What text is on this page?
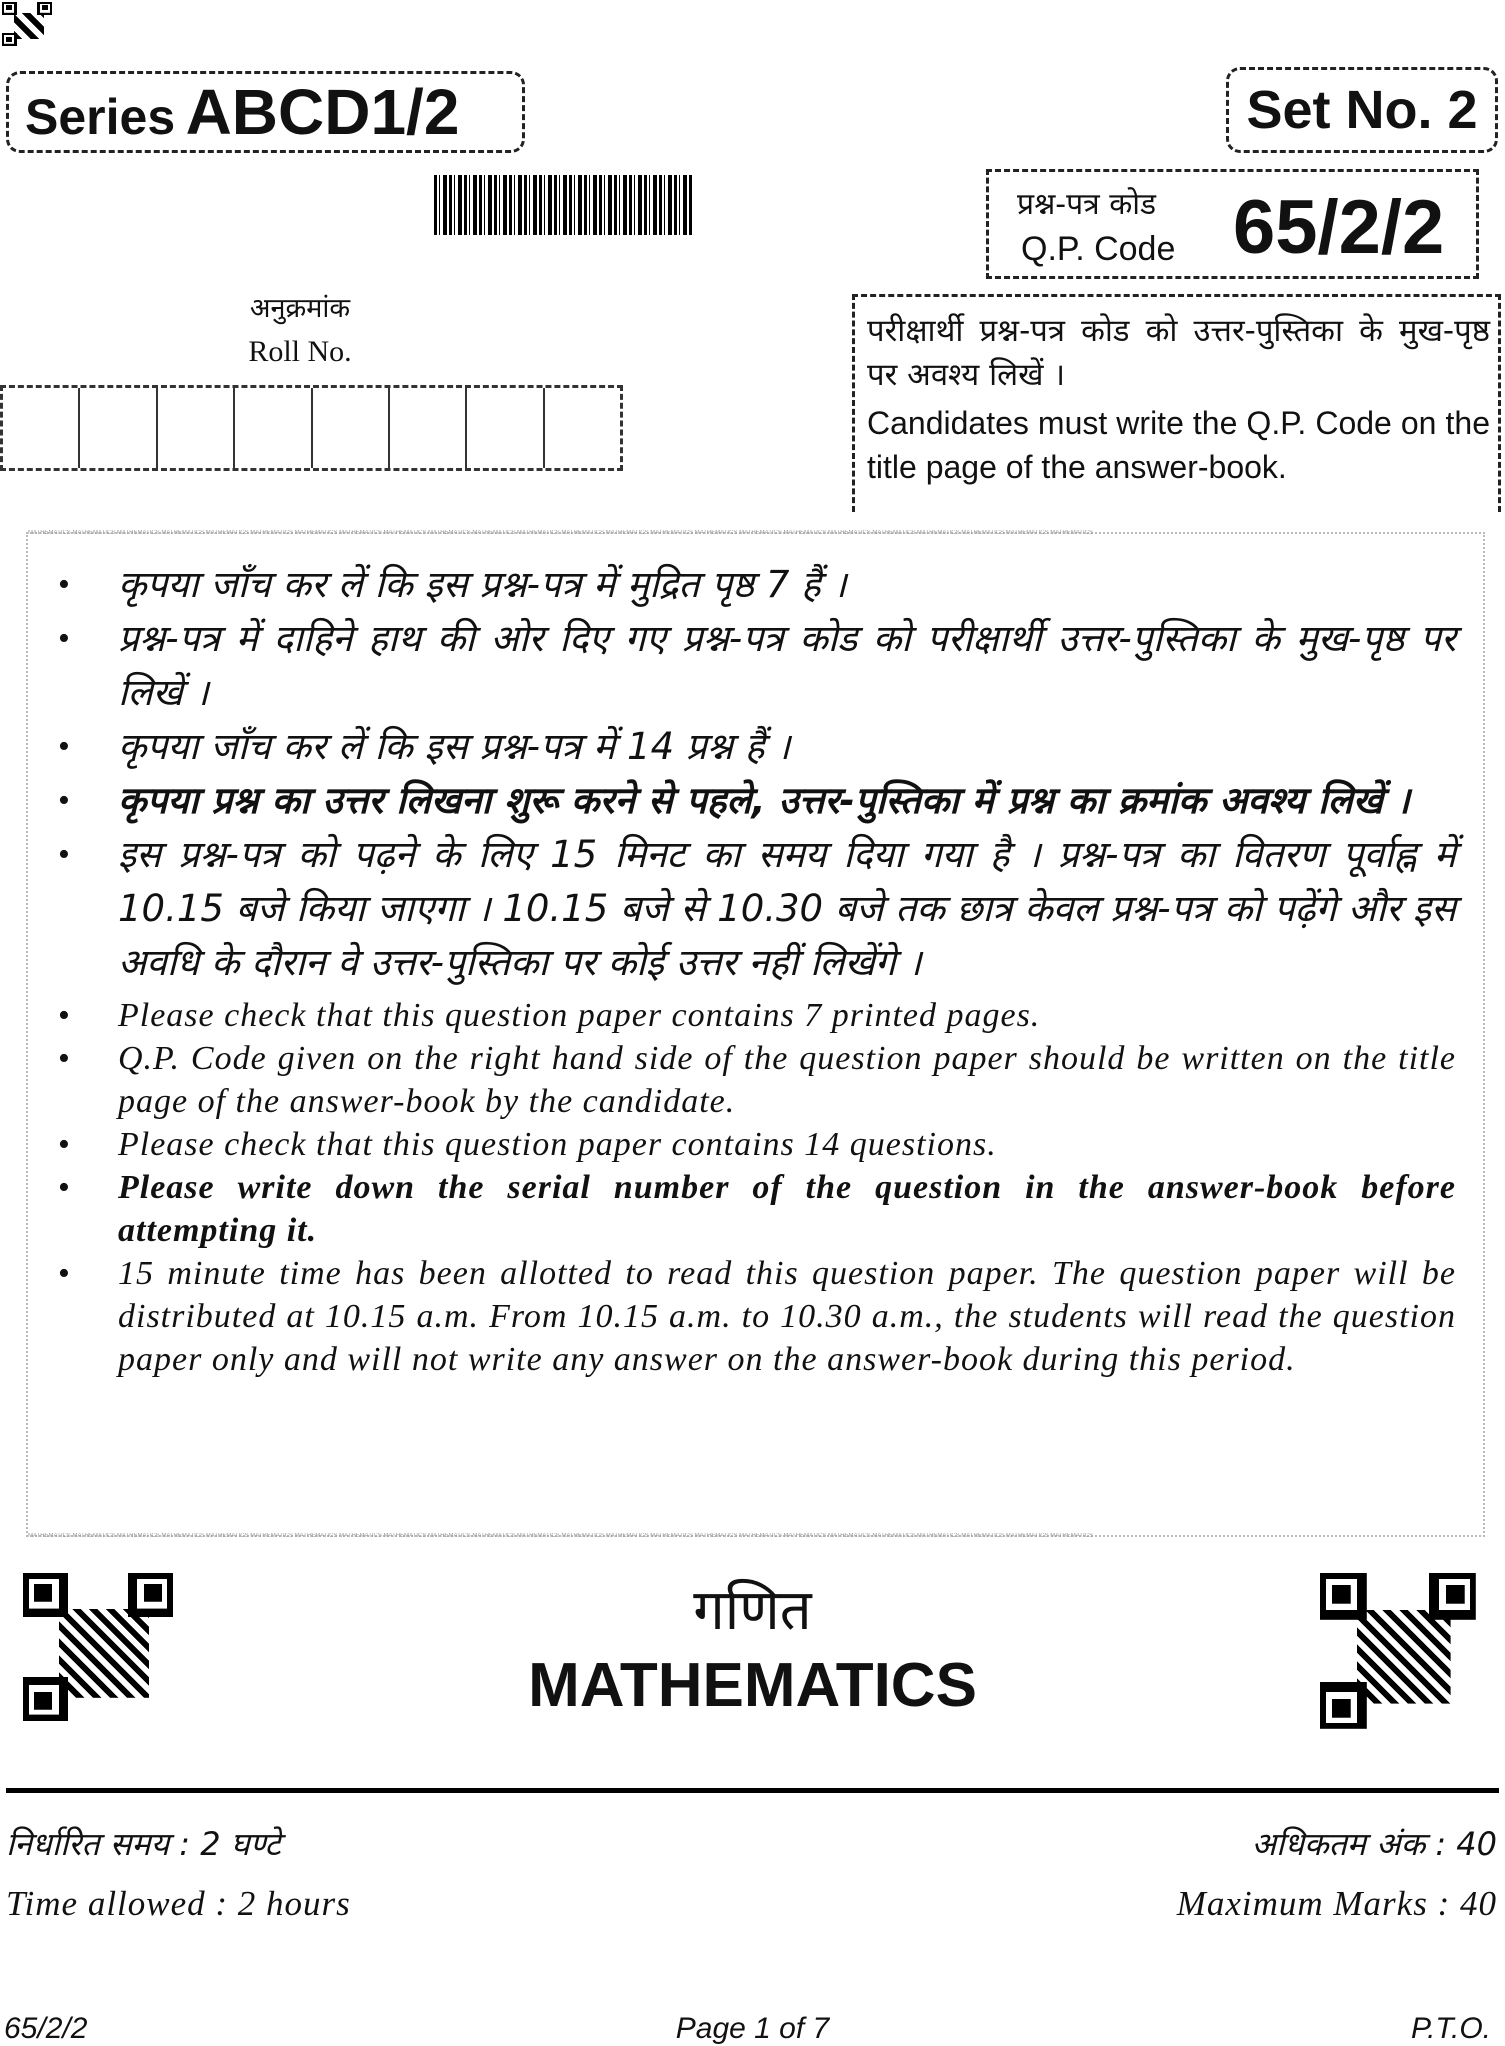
Series ABCD1/2	Set No. 2
प्रश्न-पत्र कोड
Q.P. Code 65/2/2
अनुक्रमांक
Roll No.
परीक्षार्थी प्रश्न-पत्र कोड को उत्तर-पुस्तिका के मुख-पृष्ठ पर अवश्य लिखें ।
Candidates must write the Q.P. Code on the title page of the answer-book.
MATHEMATICS MATHEMATICS MATHEMATICS MATHEMATICS MATHEMATICS MATHEMATICS MATHEMATICS MATHEMATICS MATHEMATICS MATHEMATICS MATHEMATICS MATHEMATICS MATHEMATICS MATHEMATICS MATHEMATICS MATHEMATICS MATHEMATICS MATHEMATICS MATHEMATICS MATHEMATICS MATHEMATICS MATHEMATICS MATHEMATICS MATHEMATICS
MATHEMATICS MATHEMATICS MATHEMATICS MATHEMATICS MATHEMATICS MATHEMATICS MATHEMATICS MATHEMATICS MATHEMATICS MATHEMATICS MATHEMATICS MATHEMATICS MATHEMATICS MATHEMATICS MATHEMATICS MATHEMATICS MATHEMATICS MATHEMATICS MATHEMATICS MATHEMATICS MATHEMATICS MATHEMATICS MATHEMATICS MATHEMATICS
• कृपया जाँच कर लें कि इस प्रश्न-पत्र में मुद्रित पृष्ठ 7 हैं ।
• प्रश्न-पत्र में दाहिने हाथ की ओर दिए गए प्रश्न-पत्र कोड को परीक्षार्थी उत्तर-पुस्तिका के मुख-पृष्ठ पर लिखें ।
• कृपया जाँच कर लें कि इस प्रश्न-पत्र में 14 प्रश्न हैं ।
• कृपया प्रश्न का उत्तर लिखना शुरू करने से पहले, उत्तर-पुस्तिका में प्रश्न का क्रमांक अवश्य लिखें ।
• इस प्रश्न-पत्र को पढ़ने के लिए 15 मिनट का समय दिया गया है । प्रश्न-पत्र का वितरण पूर्वाह्न में 10.15 बजे किया जाएगा । 10.15 बजे से 10.30 बजे तक छात्र केवल प्रश्न-पत्र को पढ़ेंगे और इस अवधि के दौरान वे उत्तर-पुस्तिका पर कोई उत्तर नहीं लिखेंगे ।
• Please check that this question paper contains 7 printed pages.
• Q.P. Code given on the right hand side of the question paper should be written on the title page of the answer-book by the candidate.
• Please check that this question paper contains 14 questions.
• Please write down the serial number of the question in the answer-book before attempting it.
• 15 minute time has been allotted to read this question paper. The question paper will be distributed at 10.15 a.m. From 10.15 a.m. to 10.30 a.m., the students will read the question paper only and will not write any answer on the answer-book during this period.
गणित
MATHEMATICS
निर्धारित समय : 2 घण्टे	अधिकतम अंक : 40
Time allowed : 2 hours	Maximum Marks : 40
65/2/2	Page 1 of 7	P.T.O.
